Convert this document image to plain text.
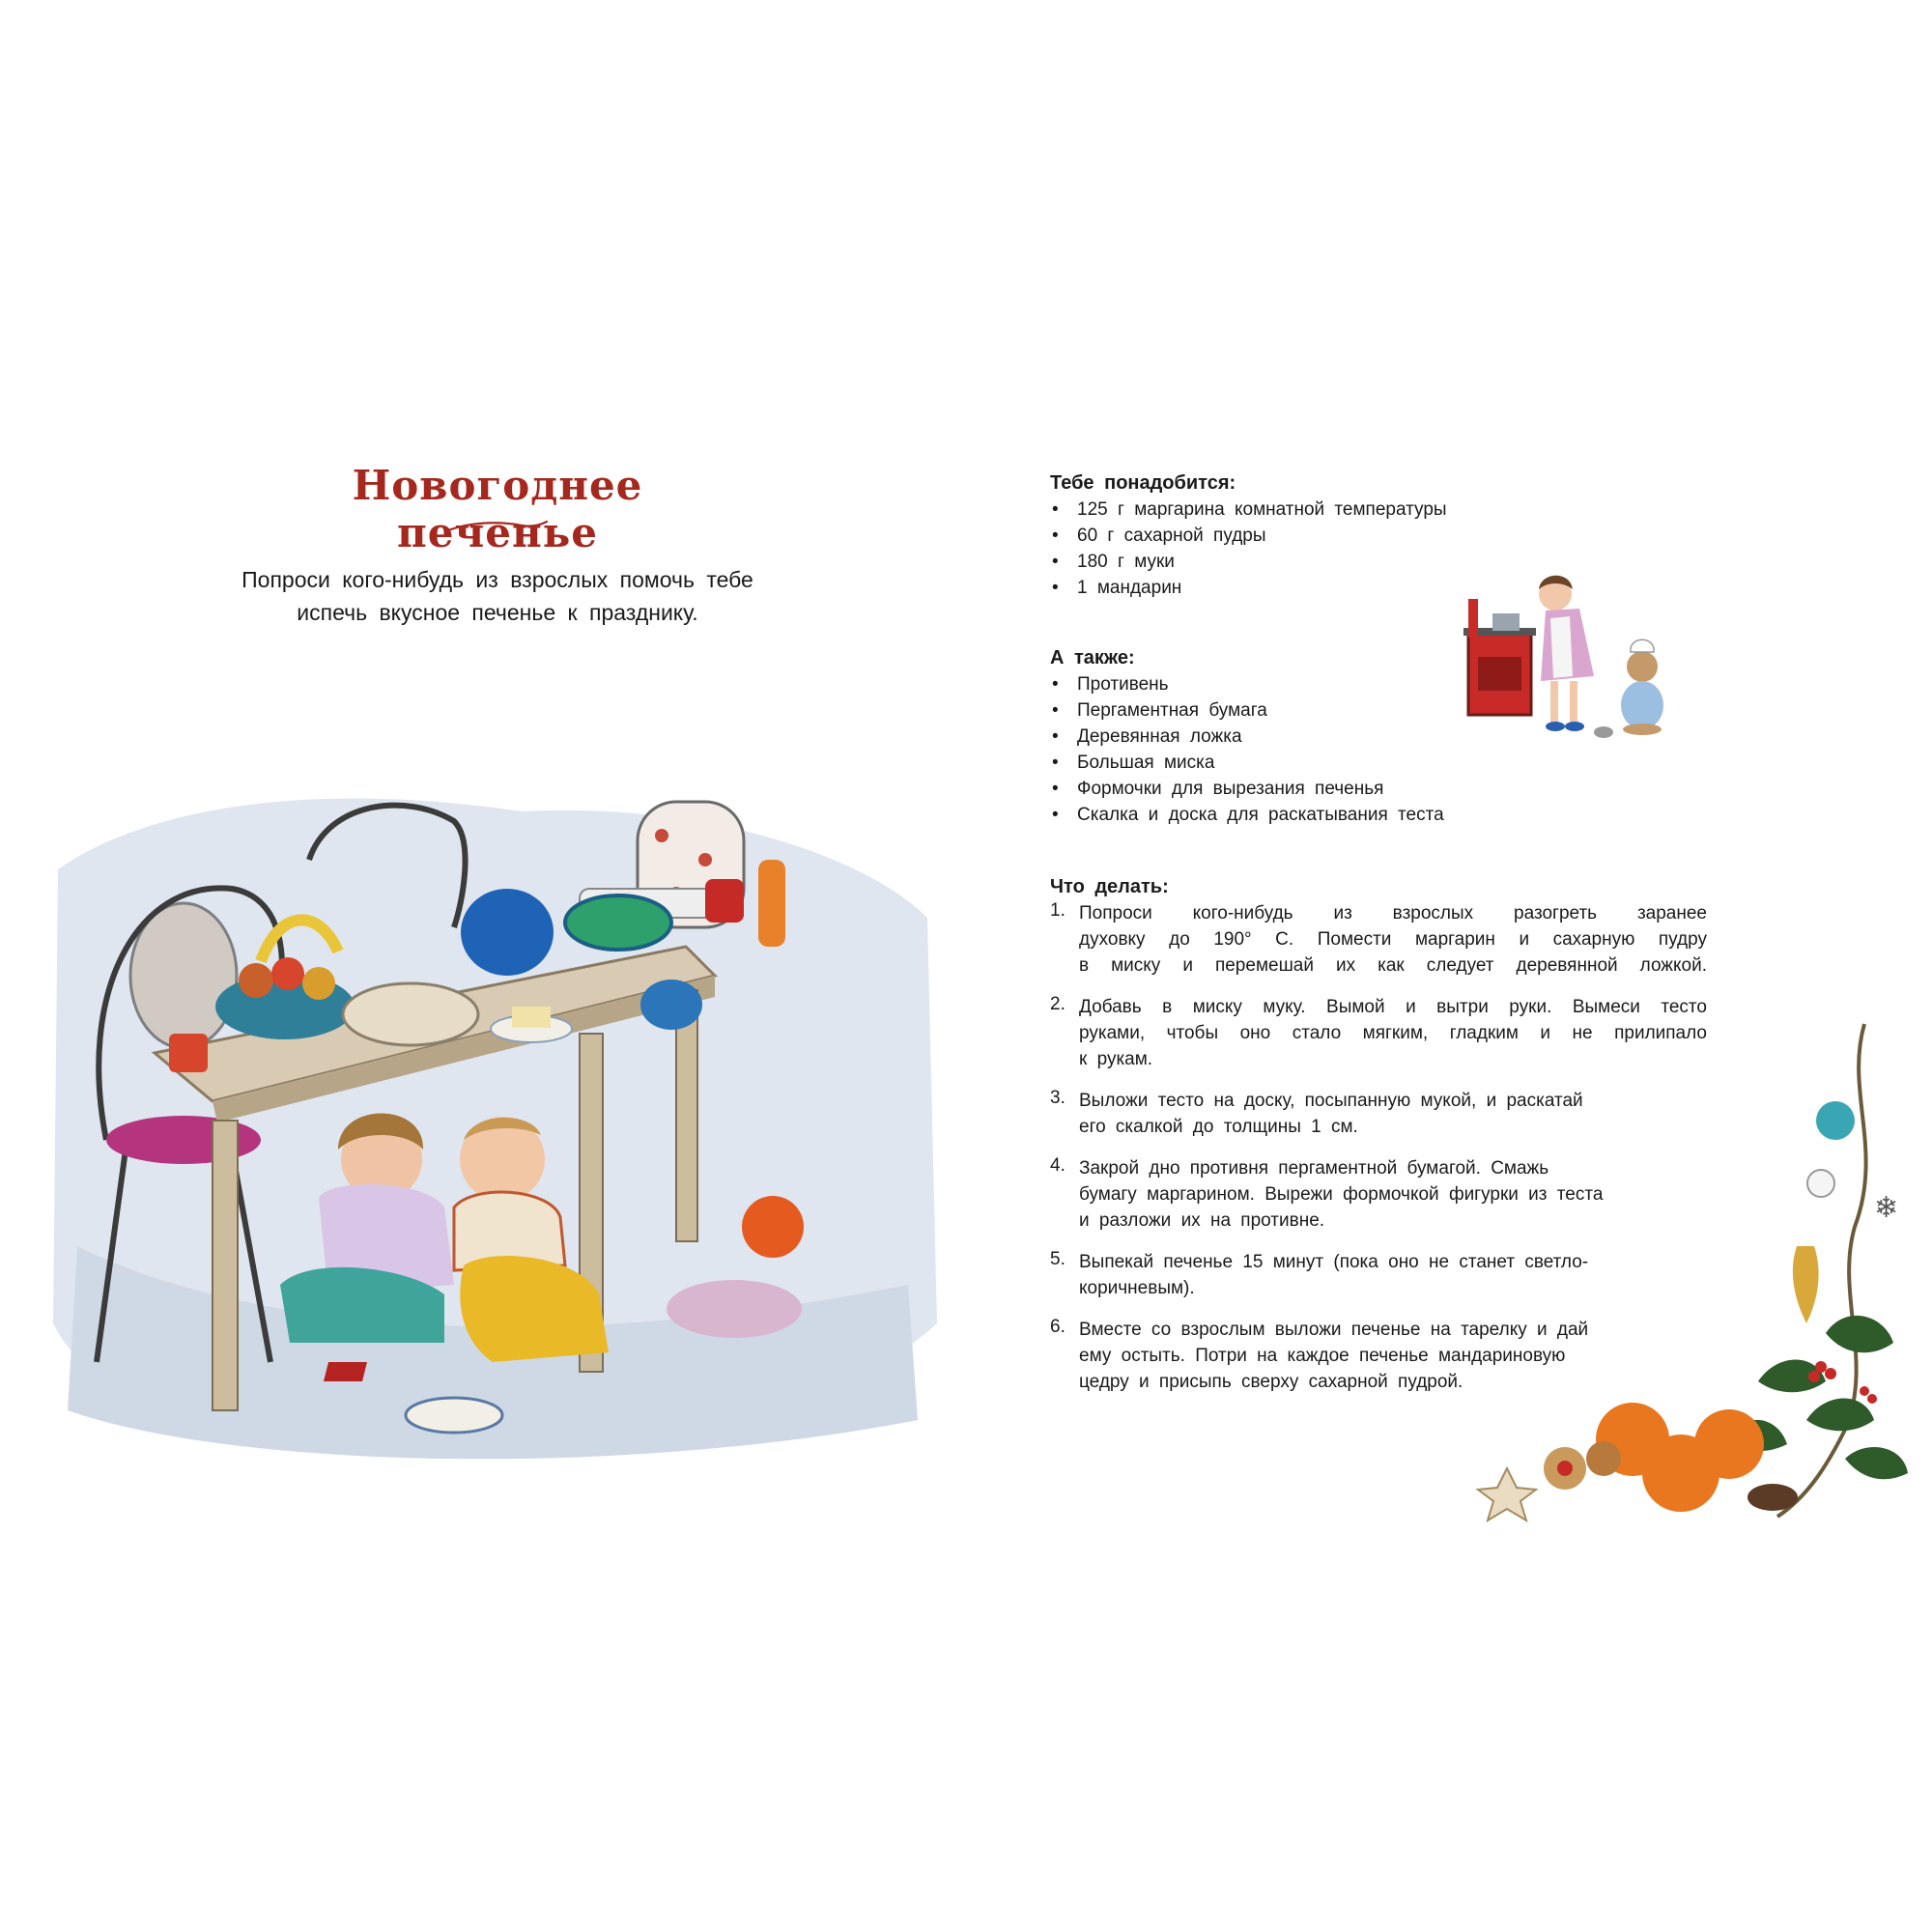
Новогоднее печенье
Попроси кого-нибудь из взрослых помочь тебе
испечь вкусное печенье к празднику.
Тебе понадобится:
• 125 г маргарина комнатной температуры
• 60 г сахарной пудры
• 180 г муки
• 1 мандарин
А также:
• Противень
• Пергаментная бумага
• Деревянная ложка
• Большая миска
• Формочки для вырезания печенья
• Скалка и доска для раскатывания теста
Что делать:
1. Попроси кого-нибудь из взрослых разогреть заранее
духовку до 190° С. Помести маргарин и сахарную пудру
в миску и перемешай их как следует деревянной ложкой.
2. Добавь в миску муку. Вымой и вытри руки. Вымеси тесто
руками, чтобы оно стало мягким, гладким и не прилипало
к рукам.
3. Выложи тесто на доску, посыпанную мукой, и раскатай
его скалкой до толщины 1 см.
4. Закрой дно противня пергаментной бумагой. Смажь
бумагу маргарином. Вырежи формочкой фигурки из теста
и разложи их на противне.
5. Выпекай печенье 15 минут (пока оно не станет светло-
коричневым).
6. Вместе со взрослым выложи печенье на тарелку и дай
ему остыть. Потри на каждое печенье мандариновую
цедру и присыпь сверху сахарной пудрой.
❄
